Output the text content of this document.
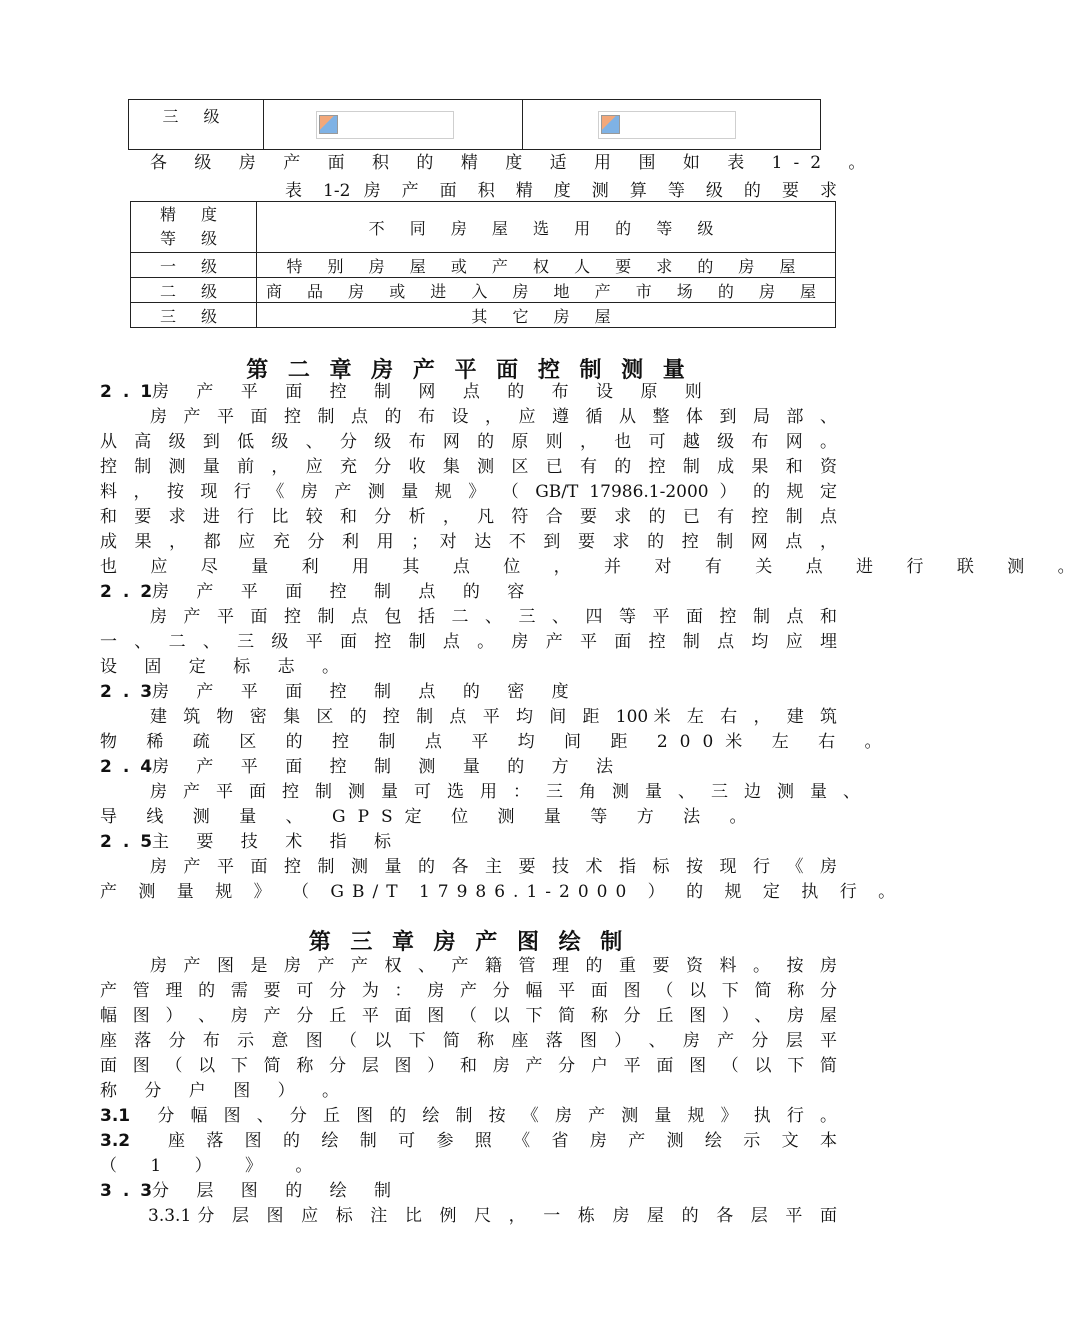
三 级		
各 级 房 产 面 积 的 精 度 适 用 围 如 表 1-2 。
表 1-2 房 产 面 积 精 度 测 算 等 级 的 要 求
精 度
等 级	不 同 房 屋 选 用 的 等 级
一 级	特 别 房 屋 或 产 权 人 要 求 的 房 屋
二 级	商 品 房 或 进 入 房 地 产 市 场 的 房 屋
三 级	其 它 房 屋
第 二 章 房 产 平 面 控 制 测 量
2.1房 产 平 面 控 制 网 点 的 布 设 原 则
房 产 平 面 控 制 点 的 布 设 ， 应 遵 循 从 整 体 到 局 部 、
从 高 级 到 低 级 、 分 级 布 网 的 原 则 ， 也 可 越 级 布 网 。
控 制 测 量 前 ， 应 充 分 收 集 测 区 已 有 的 控 制 成 果 和 资
料 ， 按 现 行 《 房 产 测 量 规 》 （ GB/T 17986.1-2000 ） 的 规 定
和 要 求 进 行 比 较 和 分 析 ， 凡 符 合 要 求 的 已 有 控 制 点
成 果 ， 都 应 充 分 利 用 ； 对 达 不 到 要 求 的 控 制 网 点 ，
也 应 尽 量 利 用 其 点 位 ， 并 对 有 关 点 进 行 联 测 。
2.2房 产 平 面 控 制 点 的 容
房 产 平 面 控 制 点 包 括 二 、 三 、 四 等 平 面 控 制 点 和
一 、 二 、 三 级 平 面 控 制 点 。 房 产 平 面 控 制 点 均 应 埋
设 固 定 标 志 。
2.3房 产 平 面 控 制 点 的 密 度
建 筑 物 密 集 区 的 控 制 点 平 均 间 距 100米 左 右 ， 建 筑
物 稀 疏 区 的 控 制 点 平 均 间 距 200米 左 右 。
2.4房 产 平 面 控 制 测 量 的 方 法
房 产 平 面 控 制 测 量 可 选 用 ： 三 角 测 量 、 三 边 测 量 、
导 线 测 量 、 GPS定 位 测 量 等 方 法 。
2.5主 要 技 术 指 标
房 产 平 面 控 制 测 量 的 各 主 要 技 术 指 标 按 现 行 《 房
产 测 量 规 》 （ GB/T 17986.1-2000 ） 的 规 定 执 行 。
第 三 章 房 产 图 绘 制
房 产 图 是 房 产 产 权 、 产 籍 管 理 的 重 要 资 料 。 按 房
产 管 理 的 需 要 可 分 为 ： 房 产 分 幅 平 面 图 （ 以 下 简 称 分
幅 图 ） 、 房 产 分 丘 平 面 图 （ 以 下 简 称 分 丘 图 ） 、 房 屋
座 落 分 布 示 意 图 （ 以 下 简 称 座 落 图 ） 、 房 产 分 层 平
面 图 （ 以 下 简 称 分 层 图 ） 和 房 产 分 户 平 面 图 （ 以 下 简
称 分 户 图 ） 。
3.1 分 幅 图 、 分 丘 图 的 绘 制 按 《 房 产 测 量 规 》 执 行 。
3.2 座 落 图 的 绘 制 可 参 照 《 省 房 产 测 绘 示 文 本
（ 1 ） 》 。
3.3分 层 图 的 绘 制
3.3.1分 层 图 应 标 注 比 例 尺 ， 一 栋 房 屋 的 各 层 平 面
